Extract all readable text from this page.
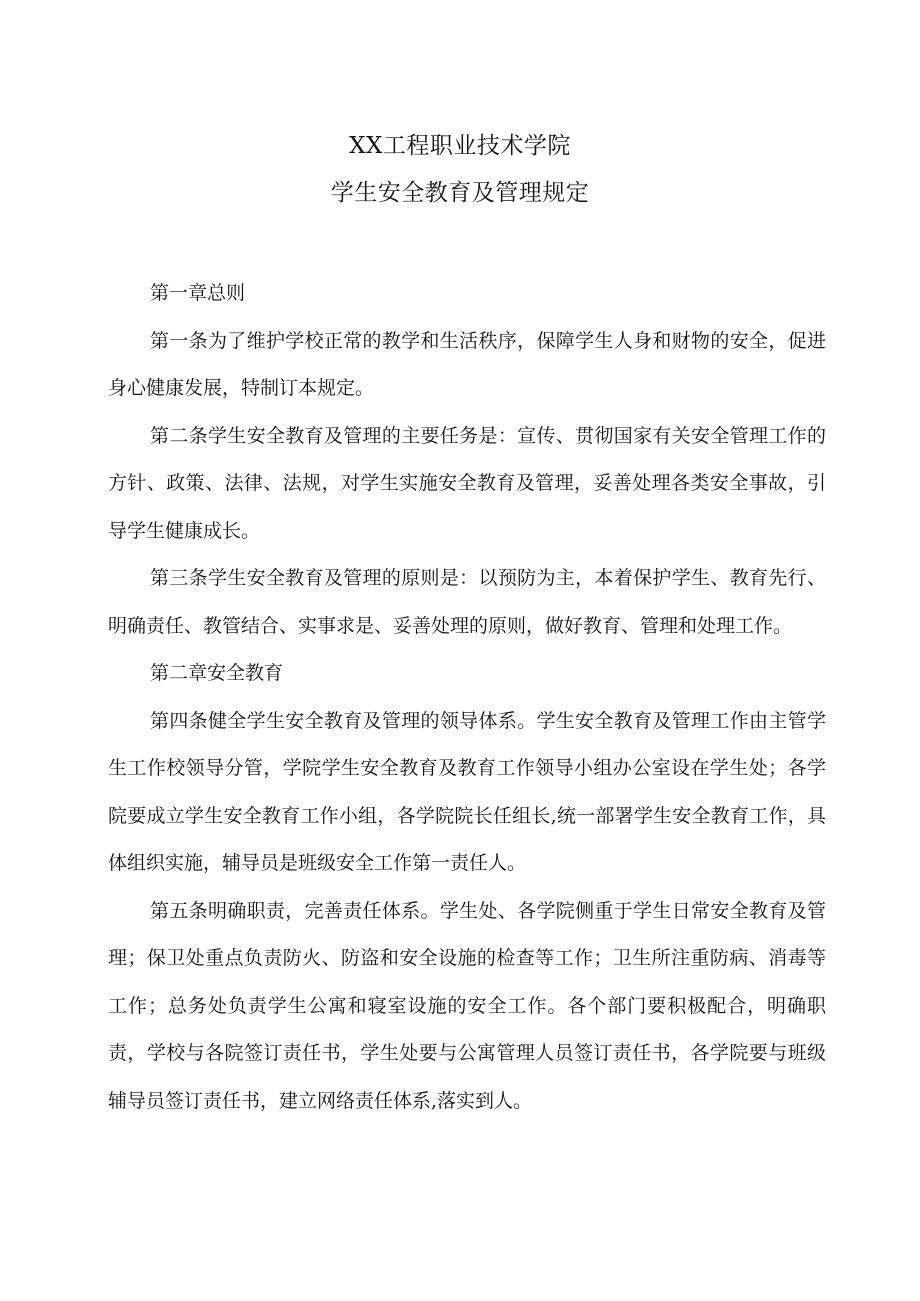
XX工程职业技术学院
学生安全教育及管理规定

第一章总则

第一条为了维护学校正常的教学和生活秩序，保障学生人身和财物的安全，促进身心健康发展，特制订本规定。

第二条学生安全教育及管理的主要任务是：宣传、贯彻国家有关安全管理工作的方针、政策、法律、法规，对学生实施安全教育及管理，妥善处理各类安全事故，引导学生健康成长。

第三条学生安全教育及管理的原则是：以预防为主，本着保护学生、教育先行、明确责任、教管结合、实事求是、妥善处理的原则，做好教育、管理和处理工作。

第二章安全教育

第四条健全学生安全教育及管理的领导体系。学生安全教育及管理工作由主管学生工作校领导分管，学院学生安全教育及教育工作领导小组办公室设在学生处；各学院要成立学生安全教育工作小组，各学院院长任组长,统一部署学生安全教育工作，具体组织实施，辅导员是班级安全工作第一责任人。

第五条明确职责，完善责任体系。学生处、各学院侧重于学生日常安全教育及管理；保卫处重点负责防火、防盗和安全设施的检查等工作；卫生所注重防病、消毒等工作；总务处负责学生公寓和寝室设施的安全工作。各个部门要积极配合，明确职责，学校与各院签订责任书，学生处要与公寓管理人员签订责任书，各学院要与班级辅导员签订责任书，建立网络责任体系,落实到人。
